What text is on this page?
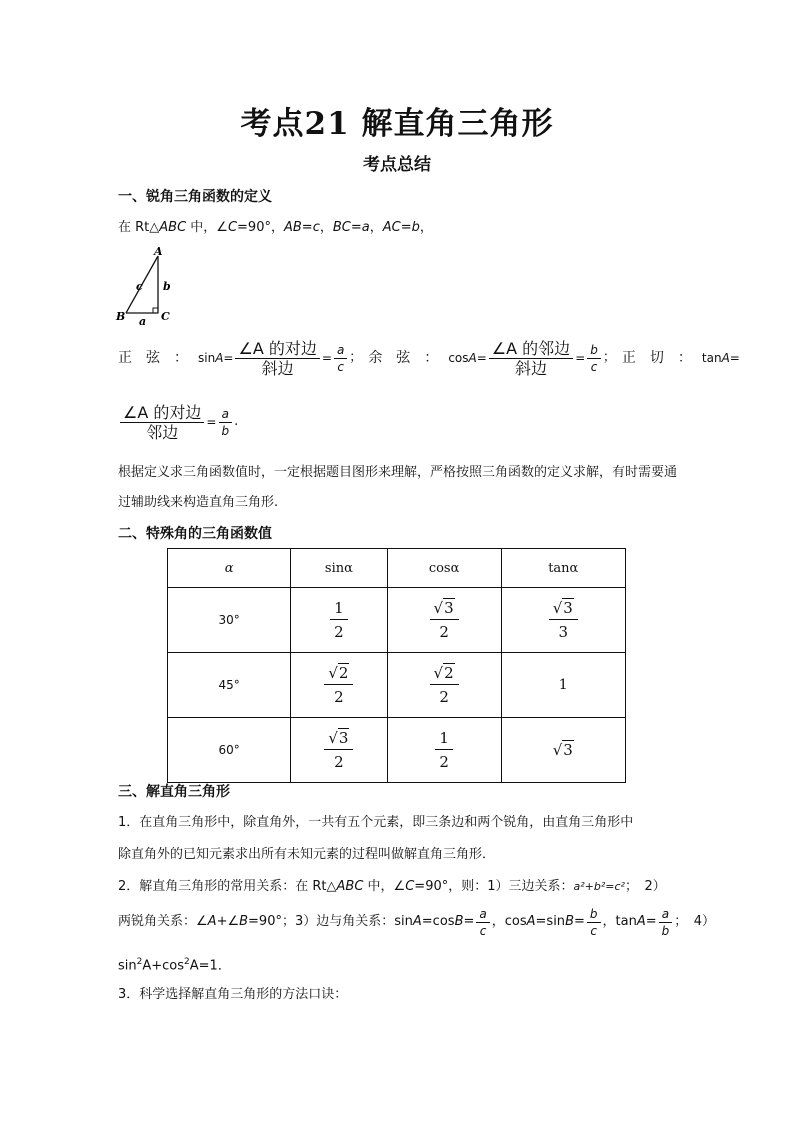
考点21 解直角三角形
考点总结
一、锐角三角函数的定义
在 Rt△ABC 中，∠C=90°，AB=c，BC=a，AC=b，
A
B	C
a
b
c
正　弦　： $\sin A= \frac{\text{∠A 的对边}}{\text{斜边}} = \frac{a}{c}$ ； 余　弦　： $\cos A= \frac{\text{∠A 的邻边}}{\text{斜边}} = \frac{b}{c}$ ； 正　切　： tanA=
$\frac{\text{∠A 的对边}}{\text{邻边}} = \frac{a}{b}$ .
根据定义求三角函数值时，一定根据题目图形来理解，严格按照三角函数的定义求解，有时需要通过辅助线来构造直角三角形.
二、特殊角的三角函数值
α	sinα	cosα	tanα
30°	$\frac{1}{2}$	$\frac{√ 3}{2}$	$\frac{√ 3}{3}$

45°	$\frac{√ 2}{2}$	$\frac{√ 2}{2}$	1
60°	$\frac{√ 3}{2}$	$\frac{1}{2}$	√ 3
三、解直角三角形
1．在直角三角形中，除直角外，一共有五个元素，即三条边和两个锐角，由直角三角形中
除直角外的已知元素求出所有未知元素的过程叫做解直角三角形．
2．解直角三角形的常用关系：在 Rt△ABC 中，∠C=90°，则：1）三边关系：a²+b²=c²；　2）
两锐角关系：∠ A +∠ B =90°；3）边与角关系：sin A =cos $B = \frac{a}{c}$ ，cos A =sin $B = \frac{b}{c}$ ，$\tan A = \frac{a}{b}$ ；　4）
$\sin^2A+\cos^2A=1$．
3．科学选择解直角三角形的方法口诀：
